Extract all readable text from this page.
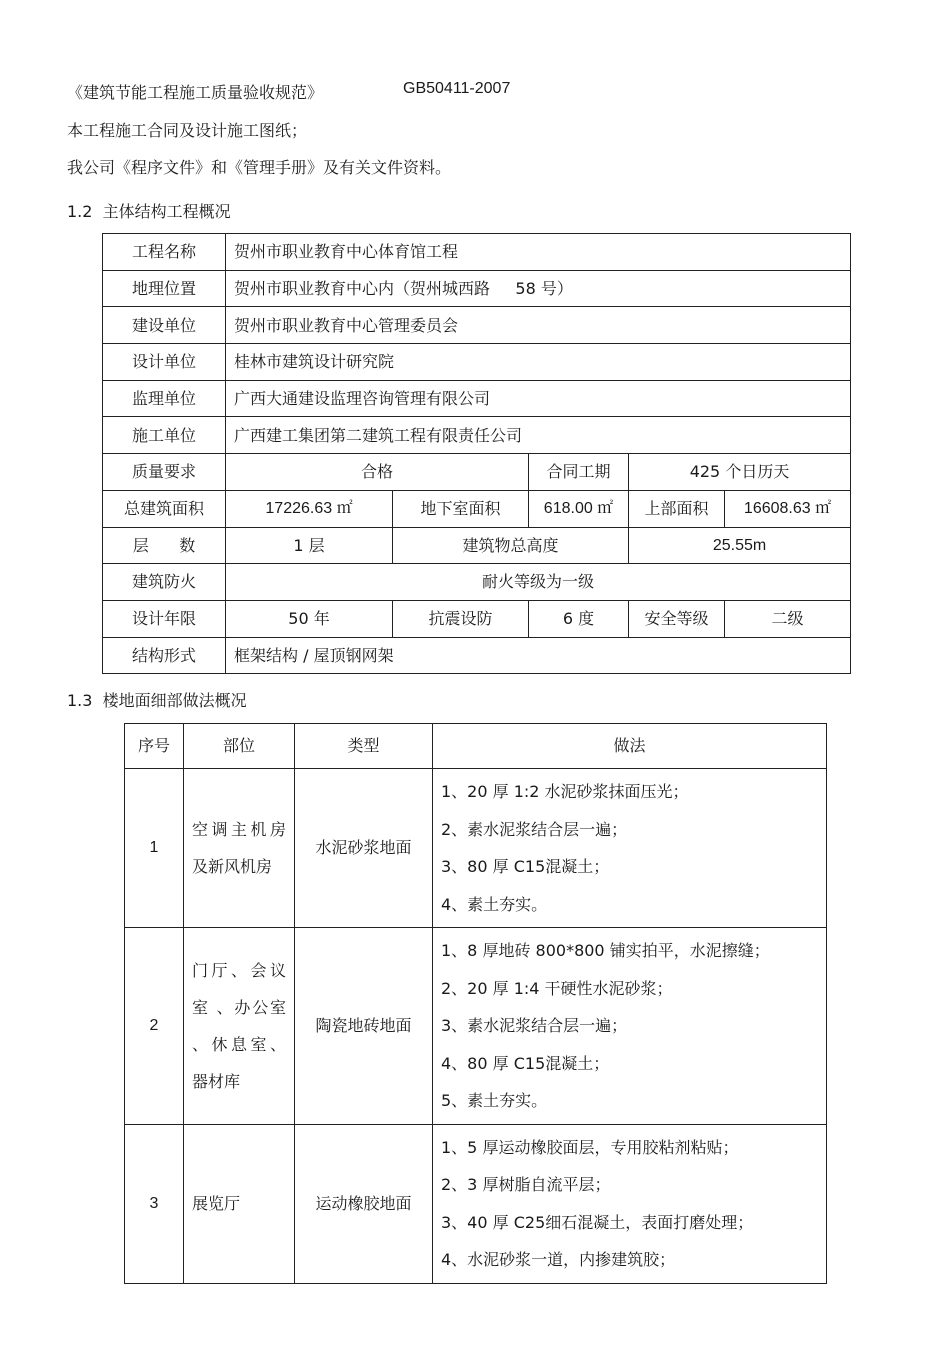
《建筑节能工程施工质量验收规范》	GB50411-2007
本工程施工合同及设计施工图纸；
我公司《程序文件》和《管理手册》及有关文件资料。
1.2  主体结构工程概况
工程名称	贺州市职业教育中心体育馆工程				
地理位置	贺州市职业教育中心内（贺州城西路     58 号）				
建设单位	贺州市职业教育中心管理委员会				
设计单位	桂林市建筑设计研究院				
监理单位	广西大通建设监理咨询管理有限公司				
施工单位	广西建工集团第二建筑工程有限责任公司				
质量要求	合格		合同工期	425 个日历天	
总建筑面积	17226.63 ㎡	地下室面积	618.00 ㎡	上部面积	16608.63 ㎡
层      数	1 层	建筑物总高度		25.55m	
建筑防火	耐火等级为一级				
设计年限	50 年	抗震设防	6 度	安全等级	二级
结构形式	框架结构 / 屋顶钢网架				
1.3  楼地面细部做法概况
序号	部位	类型	做法
1	空调主机房及新风机房	水泥砂浆地面	1、20 厚 1:2 水泥砂浆抹面压光；
2、素水泥浆结合层一遍；
3、80 厚 C15混凝土；
4、素土夯实。

2	门厅、会议室 、办公室 、休息室、器材库	陶瓷地砖地面	1、8 厚地砖 800*800 铺实拍平，水泥擦缝；
2、20 厚 1:4 干硬性水泥砂浆；
3、素水泥浆结合层一遍；
4、80 厚 C15混凝土；
5、素土夯实。

3	展览厅	运动橡胶地面	1、5 厚运动橡胶面层，专用胶粘剂粘贴；
2、3 厚树脂自流平层；
3、40 厚 C25细石混凝土，表面打磨处理；
4、水泥砂浆一道，内掺建筑胶；
